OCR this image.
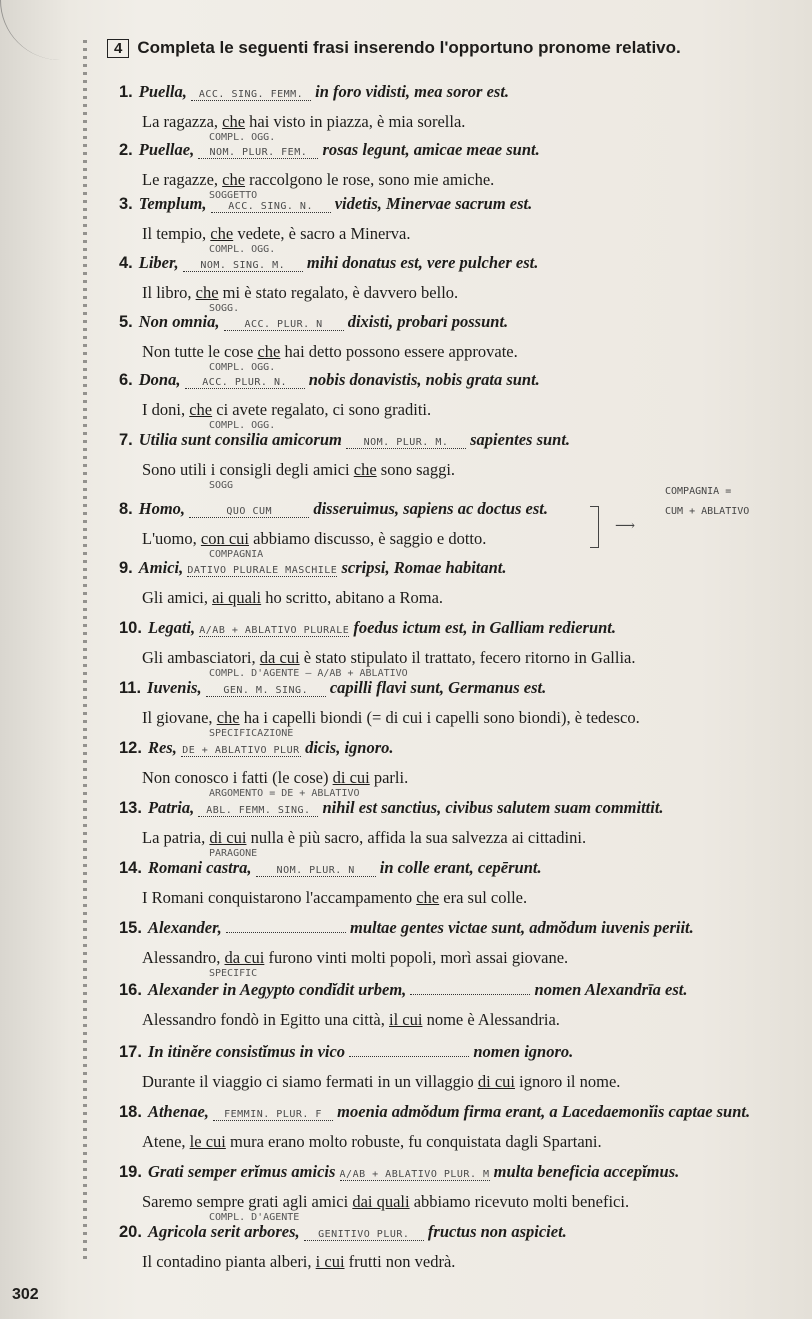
4 Completa le seguenti frasi inserendo l'opportuno pronome relativo.
1. Puella, ACC. SING. FEMM. in foro vidisti, mea soror est.
La ragazza, che hai visto in piazza, è mia sorella.
COMPL. OGG.
2. Puellae, NOM. PLUR. FEM. rosas legunt, amicae meae sunt.
Le ragazze, che raccolgono le rose, sono mie amiche.
SOGGETTO
3. Templum, ACC. SING. N. videtis, Minervae sacrum est.
Il tempio, che vedete, è sacro a Minerva.
COMPL. OGG.
4. Liber, NOM. SING. M. mihi donatus est, vere pulcher est.
Il libro, che mi è stato regalato, è davvero bello.
SOGG.
5. Non omnia,	ACC. PLUR. N dixisti, probari possunt.
Non tutte le cose che hai detto possono essere approvate.
COMPL. OGG.
6. Dona, ACC. PLUR. N. nobis donavistis, nobis grata sunt.
I doni, che ci avete regalato, ci sono graditi.
COMPL. OGG.
7. Utilia sunt consilia amicorum NOM. PLUR. M. sapientes sunt.
Sono utili i consigli degli amici che sono saggi.
SOGG
8. Homo,	QUO CUM	disseruimus, sapiens ac doctus est.
L'uomo, con cui abbiamo discusso, è saggio e dotto.
COMPAGNIA
9. Amici, DATIVO PLURALE MASCHILE scripsi, Romae habitant.
Gli amici, ai quali ho scritto, abitano a Roma.
10. Legati, A/AB + ABLATIVO PLURALE foedus ictum est, in Galliam redierunt.
Gli ambasciatori, da cui è stato stipulato il trattato, fecero ritorno in Gallia.
COMPL. D'AGENTE — A/AB + ABLATIVO
11. Iuvenis, GEN. M. SING. capilli flavi sunt, Germanus est.
Il giovane, che ha i capelli biondi (= di cui i capelli sono biondi), è tedesco.
SPECIFICAZIONE
12. Res, DE + ABLATIVO PLUR dicis, ignoro.
Non conosco i fatti (le cose) di cui parli.
ARGOMENTO = DE + ABLATIVO
13. Patria, ABL. FEMM. SING. nihil est sanctius, civibus salutem suam committit.
La patria, di cui nulla è più sacro, affida la sua salvezza ai cittadini.
PARAGONE
14. Romani castra,	NOM. PLUR. N in colle erant, cepērunt.
I Romani conquistarono l'accampamento che era sul colle.
15. Alexander,	multae gentes victae sunt, admŏdum iuvenis periit.
Alessandro, da cui furono vinti molti popoli, morì assai giovane.
SPECIFIC
16. Alexander in Aegypto condĭdit urbem,	nomen Alexandrīa est.
Alessandro fondò in Egitto una città, il cui nome è Alessandria.
17. In itinĕre consistĭmus in vico	nomen ignoro.
Durante il viaggio ci siamo fermati in un villaggio di cui ignoro il nome.
18. Athenae, FEMMIN. PLUR. F moenia admŏdum firma erant, a Lacedaemonĭis captae sunt.
Atene, le cui mura erano molto robuste, fu conquistata dagli Spartani.
19. Grati semper erĭmus amicis A/AB + ABLATIVO PLUR. M multa beneficia accepĭmus.
Saremo sempre grati agli amici dai quali abbiamo ricevuto molti benefici.
COMPL. D'AGENTE
20. Agricola serit arbores, GENITIVO PLUR. fructus non aspiciet.
Il contadino pianta alberi, i cui frutti non vedrà.
⟶
COMPAGNIA =
CUM + ABLATIVO
302
